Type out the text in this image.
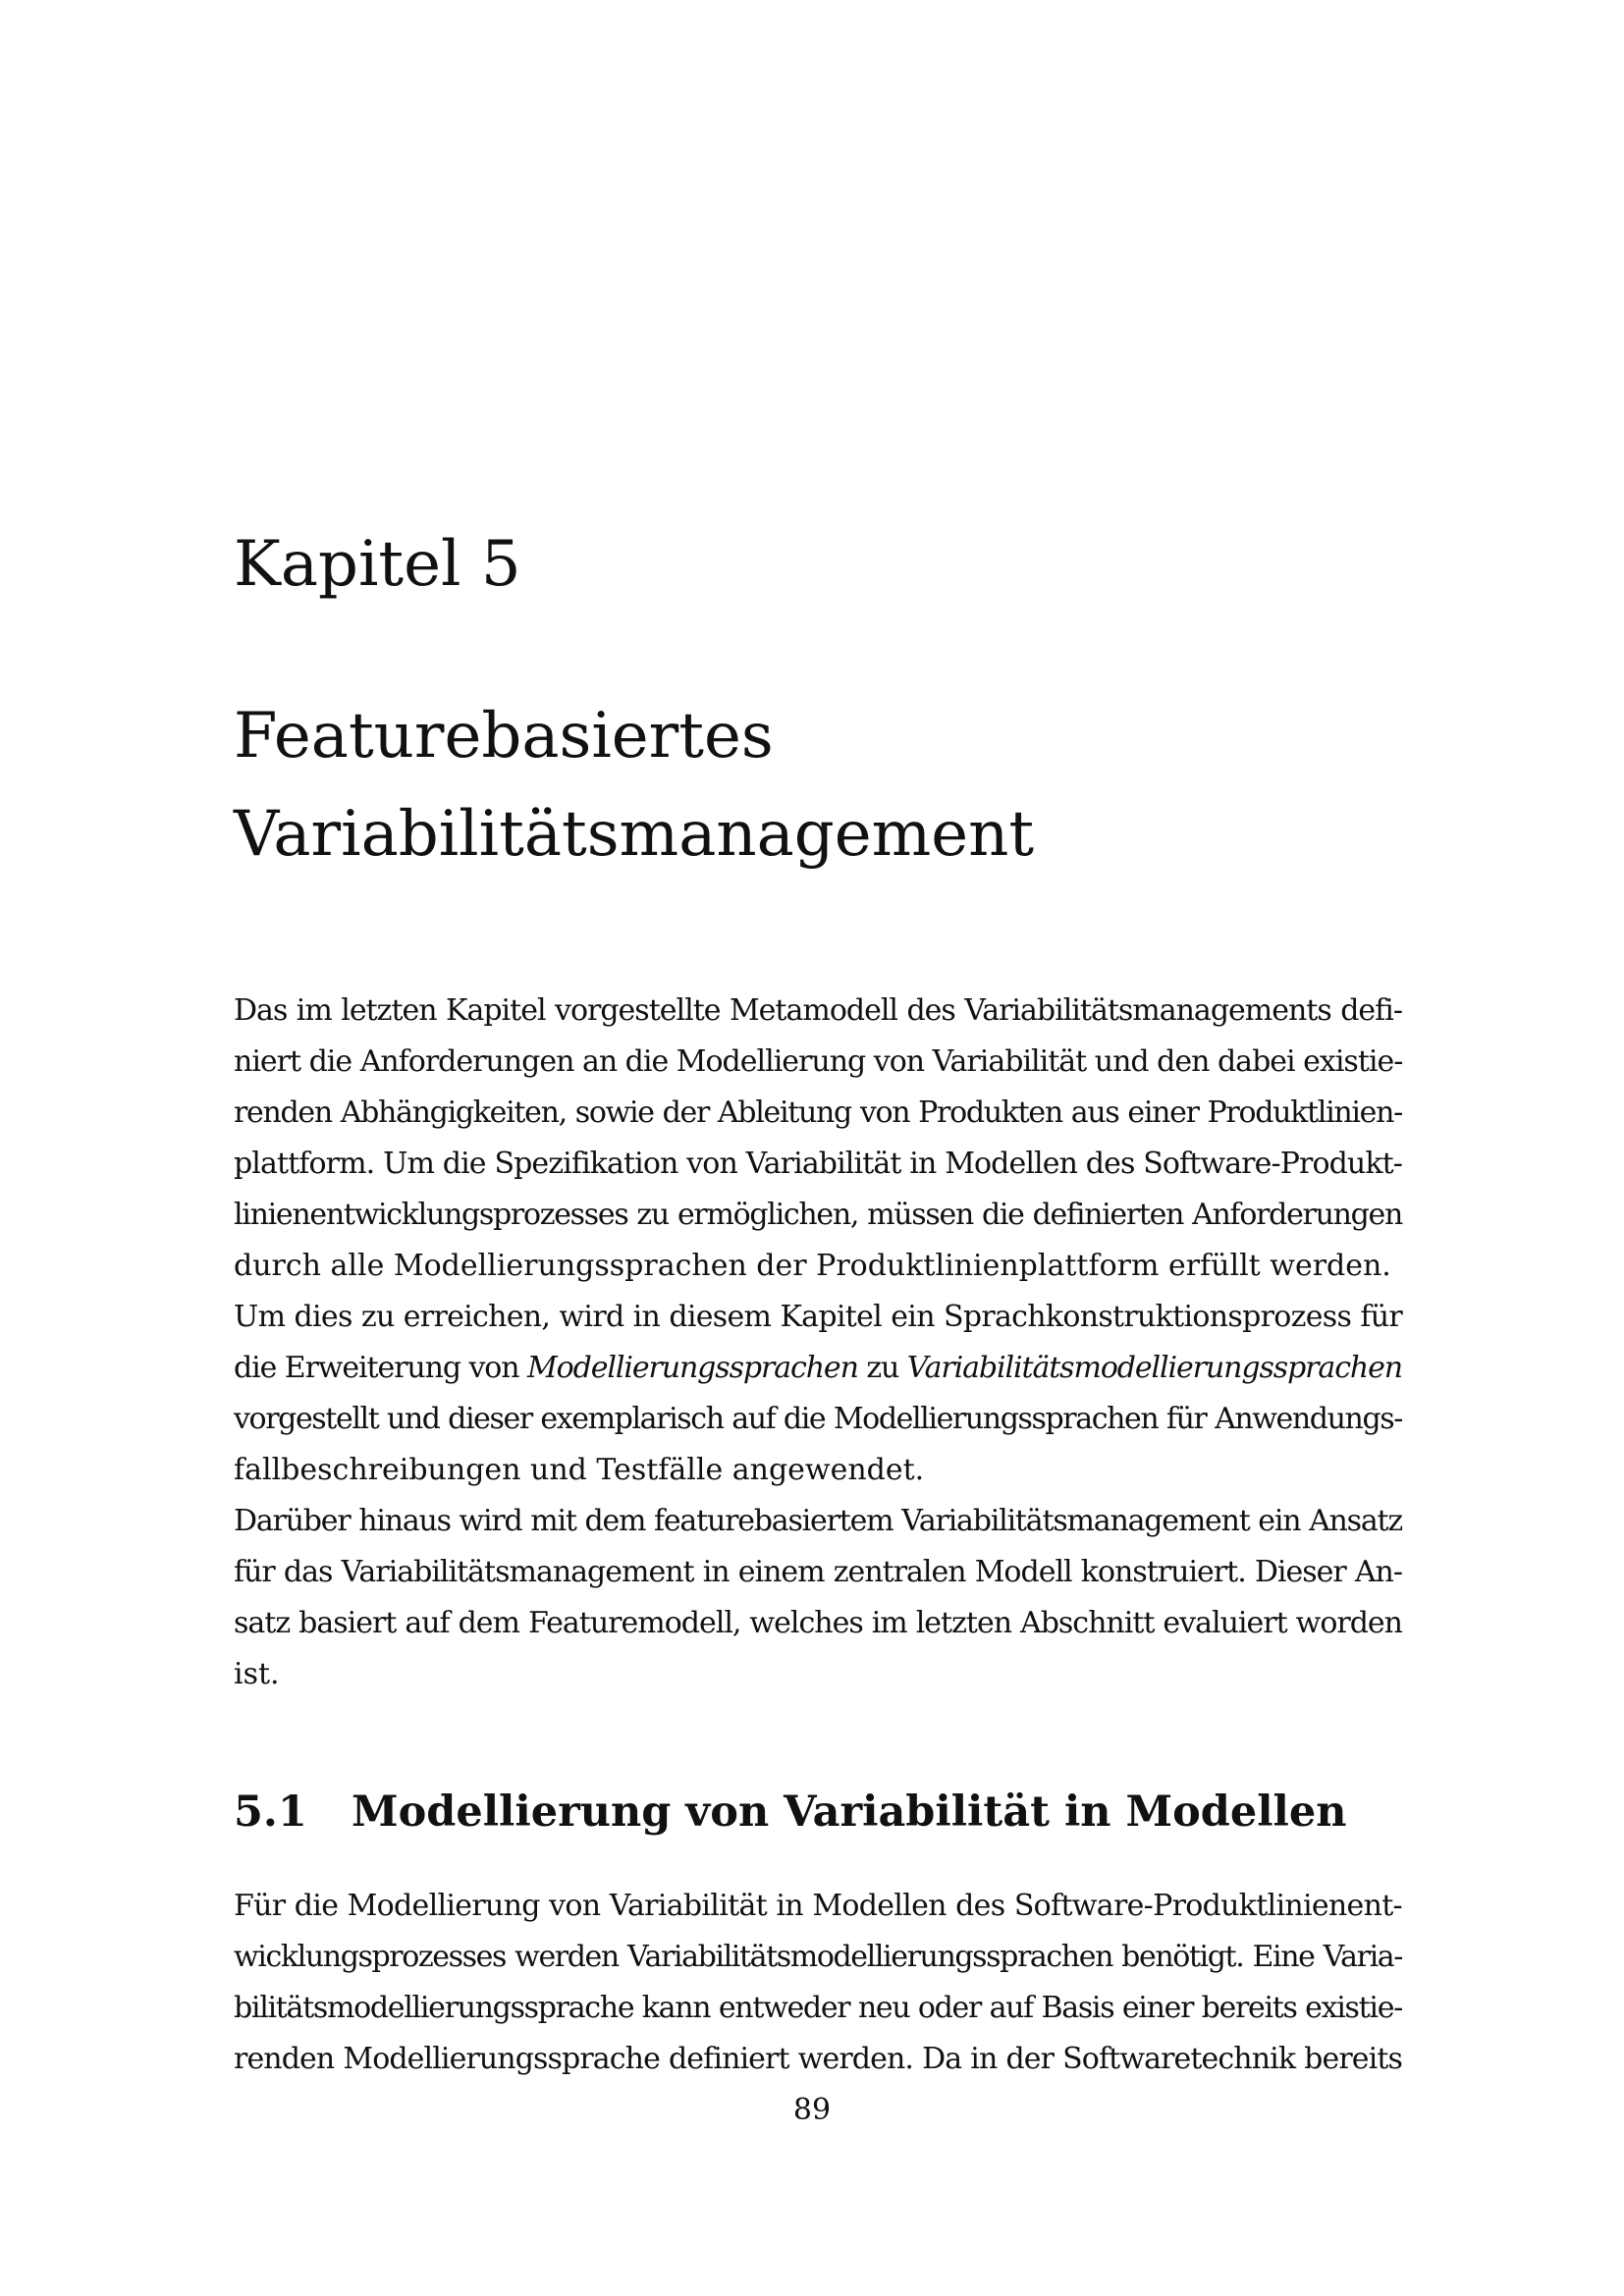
Kapitel 5
Featurebasiertes
Variabilitätsmanagement

Das im letzten Kapitel vorgestellte Metamodell des Variabilitätsmanagements defi-
niert die Anforderungen an die Modellierung von Variabilität und den dabei existie-
renden Abhängigkeiten, sowie der Ableitung von Produkten aus einer Produktlinien-
plattform. Um die Spezifikation von Variabilität in Modellen des Software-Produkt-
linienentwicklungsprozesses zu ermöglichen, müssen die definierten Anforderungen
durch alle Modellierungssprachen der Produktlinienplattform erfüllt werden.
Um dies zu erreichen, wird in diesem Kapitel ein Sprachkonstruktionsprozess für
die Erweiterung von Modellierungssprachen zu Variabilitätsmodellierungssprachen
vorgestellt und dieser exemplarisch auf die Modellierungssprachen für Anwendungs-
fallbeschreibungen und Testfälle angewendet.
Darüber hinaus wird mit dem featurebasiertem Variabilitätsmanagement ein Ansatz
für das Variabilitätsmanagement in einem zentralen Modell konstruiert. Dieser An-
satz basiert auf dem Featuremodell, welches im letzten Abschnitt evaluiert worden
ist.

5.1 Modellierung von Variabilität in Modellen

Für die Modellierung von Variabilität in Modellen des Software-Produktlinienent-
wicklungsprozesses werden Variabilitätsmodellierungssprachen benötigt. Eine Varia-
bilitätsmodellierungssprache kann entweder neu oder auf Basis einer bereits existie-
renden Modellierungssprache definiert werden. Da in der Softwaretechnik bereits

89
